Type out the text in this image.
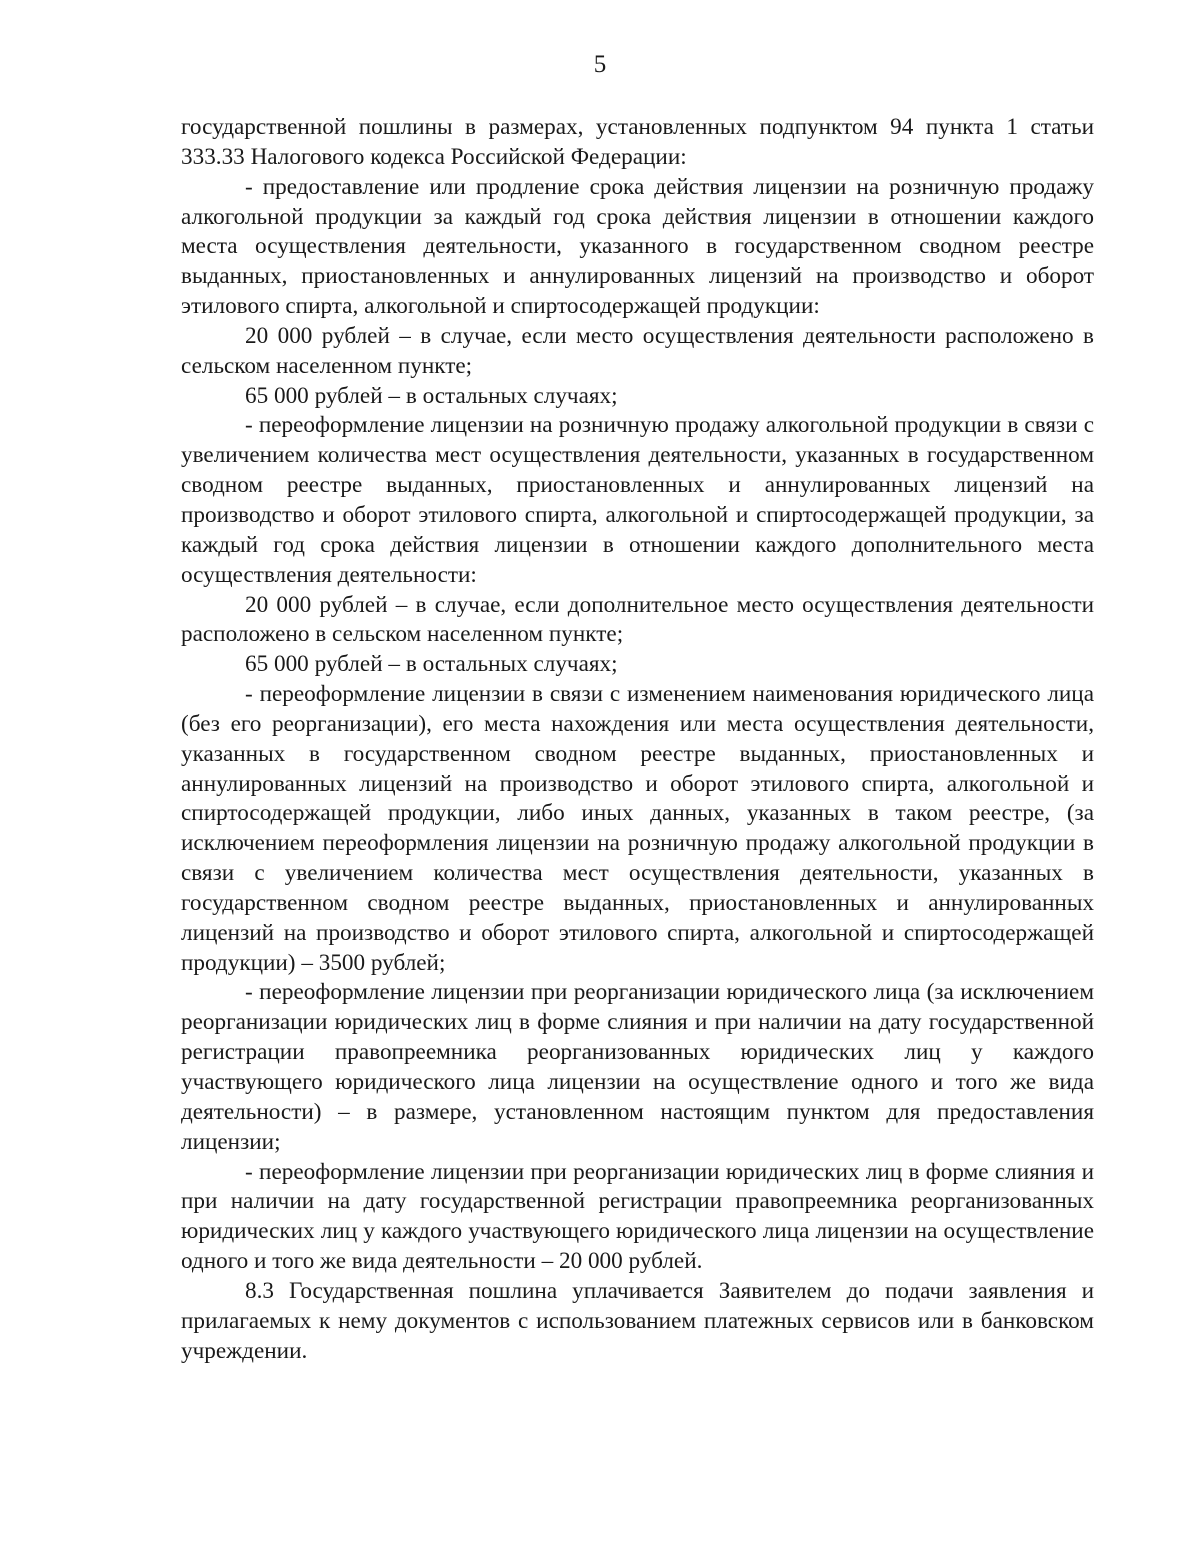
5

государственной пошлины в размерах, установленных подпунктом 94 пункта 1 статьи 333.33 Налогового кодекса Российской Федерации:

- предоставление или продление срока действия лицензии на розничную продажу алкогольной продукции за каждый год срока действия лицензии в отношении каждого места осуществления деятельности, указанного в государственном сводном реестре выданных, приостановленных и аннулированных лицензий на производство и оборот этилового спирта, алкогольной и спиртосодержащей продукции:

20 000 рублей – в случае, если место осуществления деятельности расположено в сельском населенном пункте;

65 000 рублей – в остальных случаях;

- переоформление лицензии на розничную продажу алкогольной продукции в связи с увеличением количества мест осуществления деятельности, указанных в государственном сводном реестре выданных, приостановленных и аннулированных лицензий на производство и оборот этилового спирта, алкогольной и спиртосодержащей продукции, за каждый год срока действия лицензии в отношении каждого дополнительного места осуществления деятельности:

20 000 рублей – в случае, если дополнительное место осуществления деятельности расположено в сельском населенном пункте;

65 000 рублей – в остальных случаях;

- переоформление лицензии в связи с изменением наименования юридического лица (без его реорганизации), его места нахождения или места осуществления деятельности, указанных в государственном сводном реестре выданных, приостановленных и аннулированных лицензий на производство и оборот этилового спирта, алкогольной и спиртосодержащей продукции, либо иных данных, указанных в таком реестре, (за исключением переоформления лицензии на розничную продажу алкогольной продукции в связи с увеличением количества мест осуществления деятельности, указанных в государственном сводном реестре выданных, приостановленных и аннулированных лицензий на производство и оборот этилового спирта, алкогольной и спиртосодержащей продукции) – 3500 рублей;

- переоформление лицензии при реорганизации юридического лица (за исключением реорганизации юридических лиц в форме слияния и при наличии на дату государственной регистрации правопреемника реорганизованных юридических лиц у каждого участвующего юридического лица лицензии на осуществление одного и того же вида деятельности) – в размере, установленном настоящим пунктом для предоставления лицензии;

- переоформление лицензии при реорганизации юридических лиц в форме слияния и при наличии на дату государственной регистрации правопреемника реорганизованных юридических лиц у каждого участвующего юридического лица лицензии на осуществление одного и того же вида деятельности – 20 000 рублей.

8.3 Государственная пошлина уплачивается Заявителем до подачи заявления и прилагаемых к нему документов с использованием платежных сервисов или в банковском учреждении.
